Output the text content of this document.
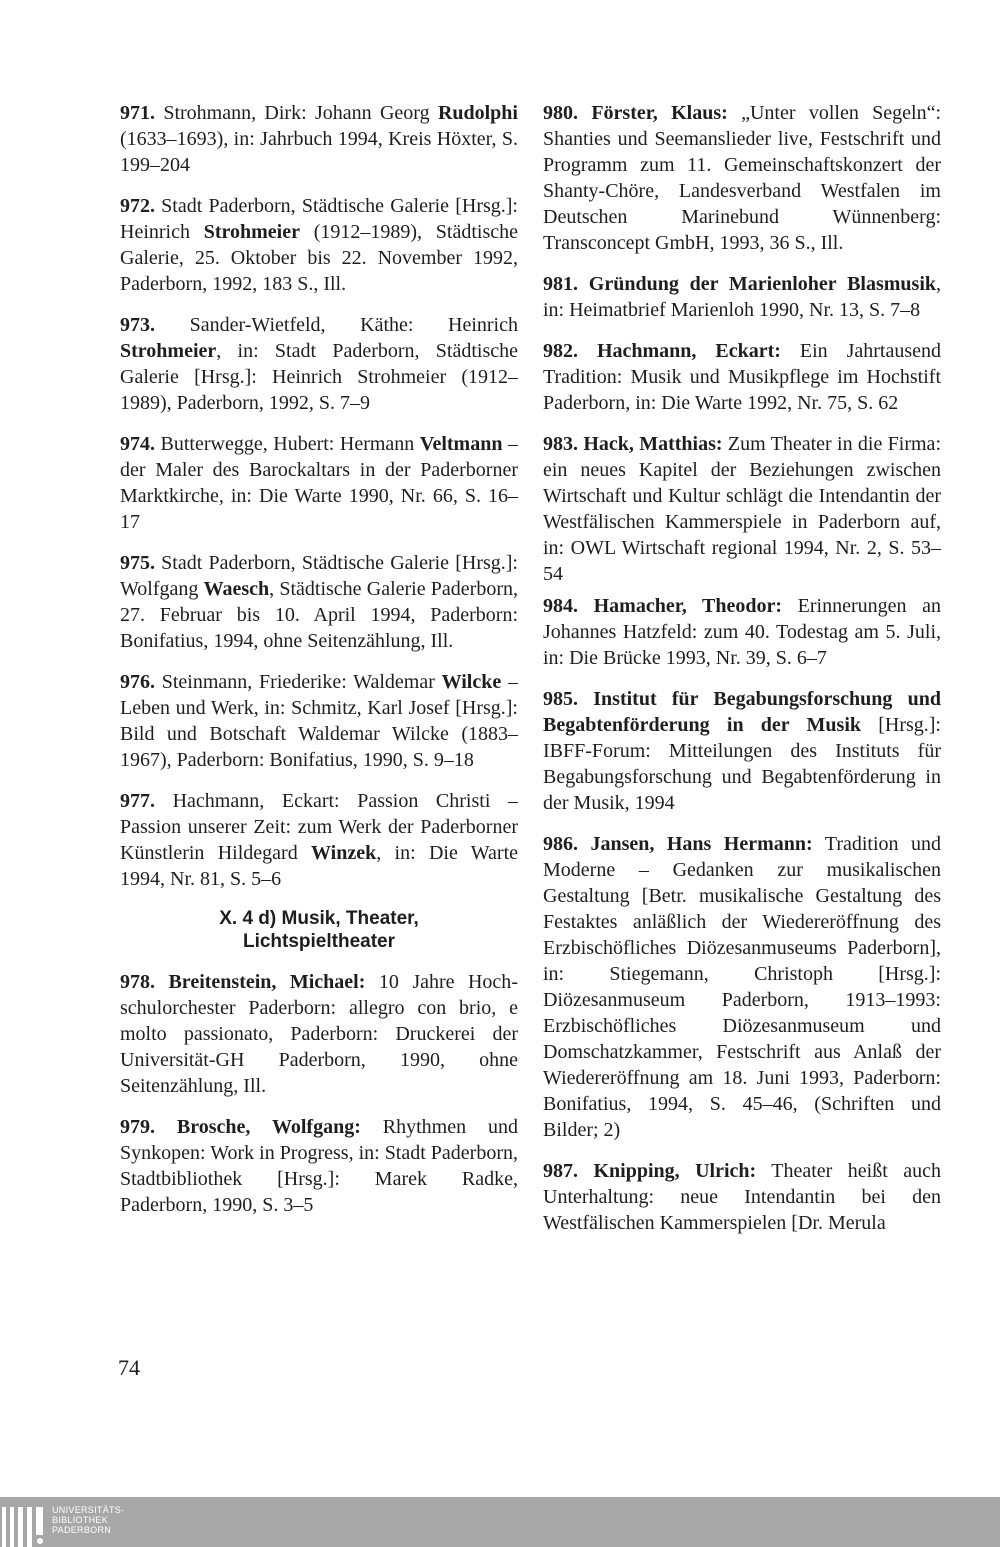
971. Strohmann, Dirk: Johann Georg Rudolphi (1633–1693), in: Jahrbuch 1994, Kreis Höxter, S. 199–204

972. Stadt Paderborn, Städtische Galerie [Hrsg.]: Heinrich Strohmeier (1912–1989), Städtische Galerie, 25. Oktober bis 22. November 1992, Paderborn, 1992, 183 S., Ill.

973. Sander-Wietfeld, Käthe: Heinrich Strohmeier, in: Stadt Paderborn, Städtische Galerie [Hrsg.]: Heinrich Strohmeier (1912–1989), Paderborn, 1992, S. 7–9

974. Butterwegge, Hubert: Hermann Veltmann – der Maler des Barockaltars in der Paderborner Marktkirche, in: Die Warte 1990, Nr. 66, S. 16–17

975. Stadt Paderborn, Städtische Galerie [Hrsg.]: Wolfgang Waesch, Städtische Galerie Paderborn, 27. Februar bis 10. April 1994, Paderborn: Bonifatius, 1994, ohne Seitenzählung, Ill.

976. Steinmann, Friederike: Waldemar Wilcke – Leben und Werk, in: Schmitz, Karl Josef [Hrsg.]: Bild und Botschaft Waldemar Wilcke (1883–1967), Paderborn: Bonifatius, 1990, S. 9–18

977. Hachmann, Eckart: Passion Christi – Passion unserer Zeit: zum Werk der Paderborner Künstlerin Hildegard Winzek, in: Die Warte 1994, Nr. 81, S. 5–6

X. 4 d) Musik, Theater,
Lichtspieltheater

978. Breitenstein, Michael: 10 Jahre Hochschulorchester Paderborn: allegro con brio, e molto passionato, Paderborn: Druckerei der Universität-GH Paderborn, 1990, ohne Seitenzählung, Ill.

979. Brosche, Wolfgang: Rhythmen und Synkopen: Work in Progress, in: Stadt Paderborn, Stadtbibliothek [Hrsg.]: Marek Radke, Paderborn, 1990, S. 3–5

980. Förster, Klaus: „Unter vollen Segeln“: Shanties und Seemanslieder live, Festschrift und Programm zum 11. Gemeinschaftskonzert der Shanty-Chöre, Landesverband Westfalen im Deutschen Marinebund Wünnenberg: Transconcept GmbH, 1993, 36 S., Ill.

981. Gründung der Marienloher Blasmusik, in: Heimatbrief Marienloh 1990, Nr. 13, S. 7–8

982. Hachmann, Eckart: Ein Jahrtausend Tradition: Musik und Musikpflege im Hochstift Paderborn, in: Die Warte 1992, Nr. 75, S. 62

983. Hack, Matthias: Zum Theater in die Firma: ein neues Kapitel der Beziehungen zwischen Wirtschaft und Kultur schlägt die Intendantin der Westfälischen Kammerspiele in Paderborn auf, in: OWL Wirtschaft regional 1994, Nr. 2, S. 53–54

984. Hamacher, Theodor: Erinnerungen an Johannes Hatzfeld: zum 40. Todestag am 5. Juli, in: Die Brücke 1993, Nr. 39, S. 6–7

985. Institut für Begabungsforschung und Begabtenförderung in der Musik [Hrsg.]: IBFF-Forum: Mitteilungen des Instituts für Begabungsforschung und Begabtenförderung in der Musik, 1994

986. Jansen, Hans Hermann: Tradition und Moderne – Gedanken zur musikalischen Gestaltung [Betr. musikalische Gestaltung des Festaktes anläßlich der Wiedereröffnung des Erzbischöfliches Diözesanmuseums Paderborn], in: Stiegemann, Christoph [Hrsg.]: Diözesanmuseum Paderborn, 1913–1993: Erzbischöfliches Diözesanmuseum und Domschatzkammer, Festschrift aus Anlaß der Wiedereröffnung am 18. Juni 1993, Paderborn: Bonifatius, 1994, S. 45–46, (Schriften und Bilder; 2)

987. Knipping, Ulrich: Theater heißt auch Unterhaltung: neue Intendantin bei den Westfälischen Kammerspielen [Dr. Merula

74
UNIVERSITÄTS-
BIBLIOTHEK
PADERBORN
